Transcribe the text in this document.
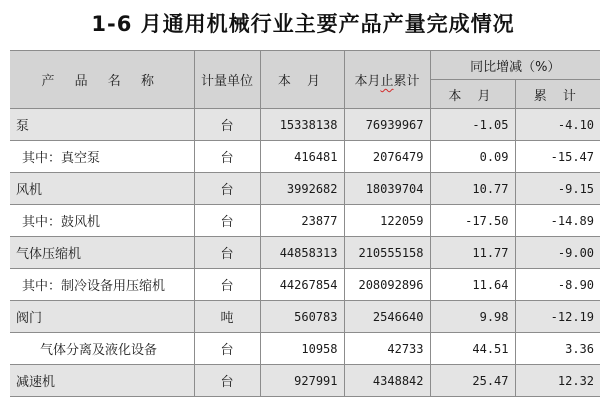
1-6 月通用机械行业主要产品产量完成情况
产 品 名 称	计量单位	本 月	本月止累计	同比增减（%）	
				本 月	累 计
泵	台	15338138	76939967	-1.05	-4.10
其中：真空泵	台	416481	2076479	0.09	-15.47
风机	台	3992682	18039704	10.77	-9.15
其中：鼓风机	台	23877	122059	-17.50	-14.89
气体压缩机	台	44858313	210555158	11.77	-9.00
其中：制冷设备用压缩机	台	44267854	208092896	11.64	-8.90
阀门	吨	560783	2546640	9.98	-12.19
气体分离及液化设备	台	10958	42733	44.51	3.36
减速机	台	927991	4348842	25.47	12.32
